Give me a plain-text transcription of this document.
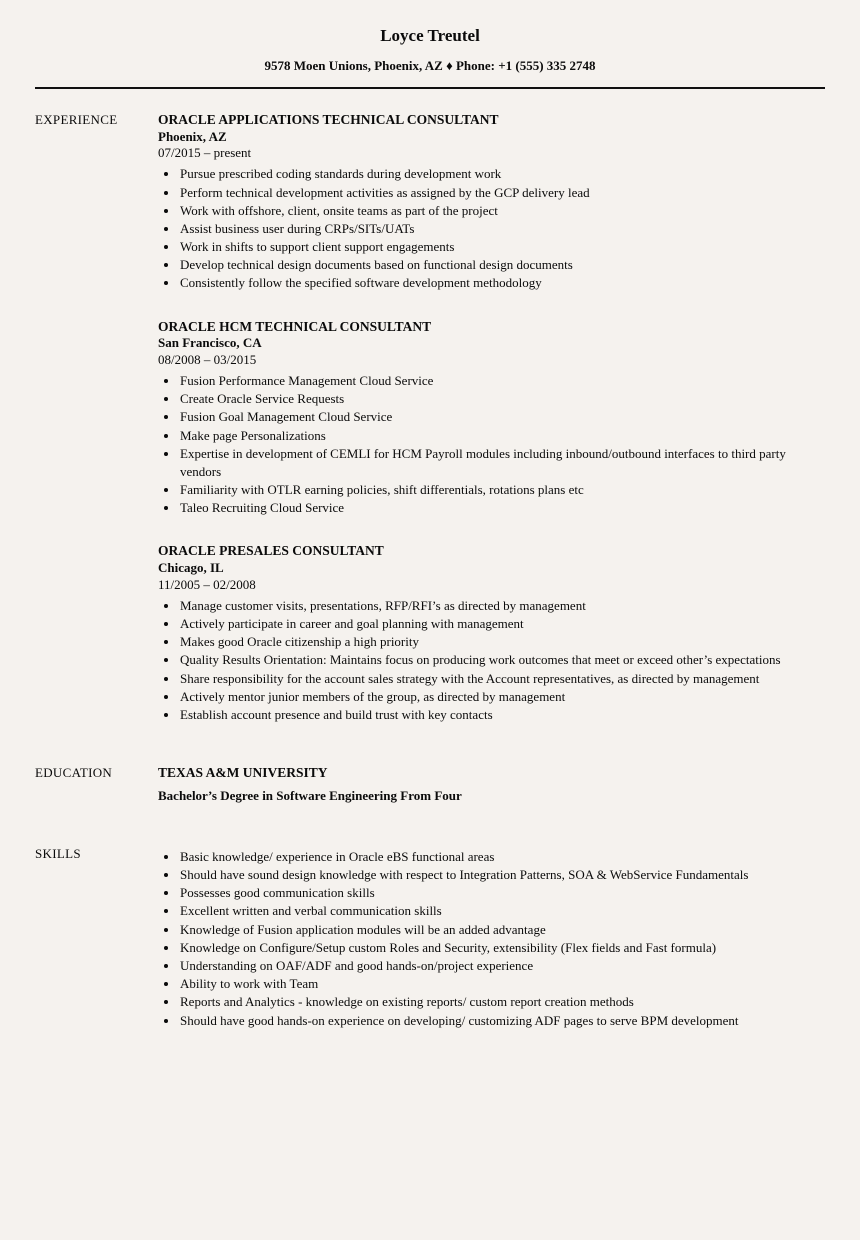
Loyce Treutel
9578 Moen Unions, Phoenix, AZ ♦ Phone: +1 (555) 335 2748
EXPERIENCE	ORACLE APPLICATIONS TECHNICAL CONSULTANT
Phoenix, AZ
07/2015 – present
• Pursue prescribed coding standards during development work
• Perform technical development activities as assigned by the GCP delivery lead
• Work with offshore, client, onsite teams as part of the project
• Assist business user during CRPs/SITs/UATs
• Work in shifts to support client support engagements
• Develop technical design documents based on functional design documents
• Consistently follow the specified software development methodology
ORACLE HCM TECHNICAL CONSULTANT
San Francisco, CA
08/2008 – 03/2015
• Fusion Performance Management Cloud Service
• Create Oracle Service Requests
• Fusion Goal Management Cloud Service
• Make page Personalizations
• Expertise in development of CEMLI for HCM Payroll modules including inbound/outbound interfaces to third party vendors
• Familiarity with OTLR earning policies, shift differentials, rotations plans etc
• Taleo Recruiting Cloud Service
ORACLE PRESALES CONSULTANT
Chicago, IL
11/2005 – 02/2008
• Manage customer visits, presentations, RFP/RFI’s as directed by management
• Actively participate in career and goal planning with management
• Makes good Oracle citizenship a high priority
• Quality Results Orientation: Maintains focus on producing work outcomes that meet or exceed other’s expectations
• Share responsibility for the account sales strategy with the Account representatives, as directed by management
• Actively mentor junior members of the group, as directed by management
• Establish account presence and build trust with key contacts
EDUCATION	TEXAS A&M UNIVERSITY
Bachelor’s Degree in Software Engineering From Four
SKILLS	• Basic knowledge/ experience in Oracle eBS functional areas
• Should have sound design knowledge with respect to Integration Patterns, SOA & WebService Fundamentals
• Possesses good communication skills
• Excellent written and verbal communication skills
• Knowledge of Fusion application modules will be an added advantage
• Knowledge on Configure/Setup custom Roles and Security, extensibility (Flex fields and Fast formula)
• Understanding on OAF/ADF and good hands-on/project experience
• Ability to work with Team
• Reports and Analytics - knowledge on existing reports/ custom report creation methods
• Should have good hands-on experience on developing/ customizing ADF pages to serve BPM development
